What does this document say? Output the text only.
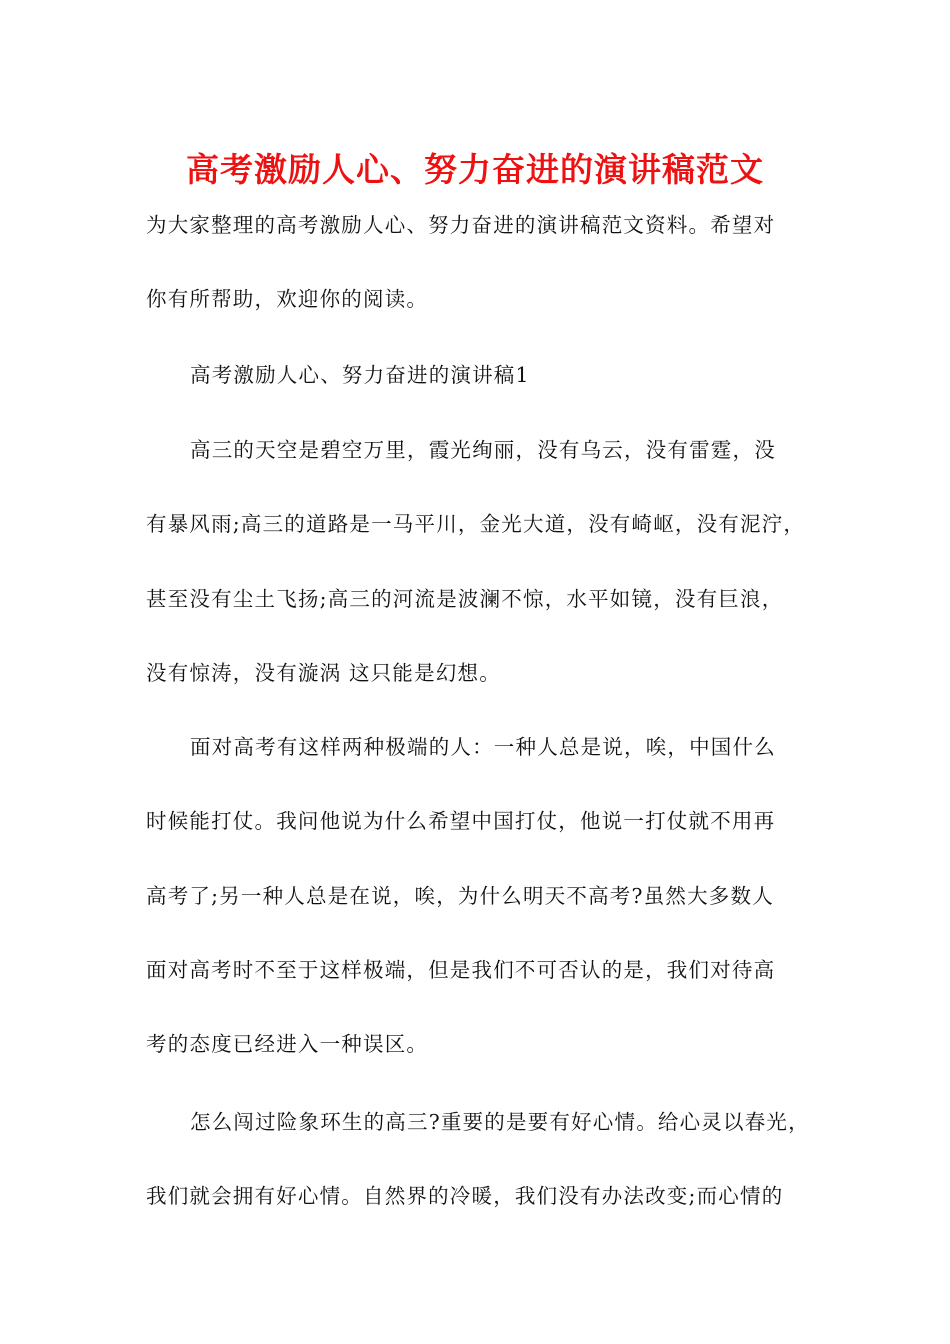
高考激励人心、努力奋进的演讲稿范文

为大家整理的高考激励人心、努力奋进的演讲稿范文资料。希望对

你有所帮助，欢迎你的阅读。

高考激励人心、努力奋进的演讲稿1

高三的天空是碧空万里，霞光绚丽，没有乌云，没有雷霆，没

有暴风雨;高三的道路是一马平川，金光大道，没有崎岖，没有泥泞，

甚至没有尘土飞扬;高三的河流是波澜不惊，水平如镜，没有巨浪，

没有惊涛，没有漩涡 这只能是幻想。

面对高考有这样两种极端的人：一种人总是说，唉，中国什么

时候能打仗。我问他说为什么希望中国打仗，他说一打仗就不用再

高考了;另一种人总是在说，唉，为什么明天不高考?虽然大多数人

面对高考时不至于这样极端，但是我们不可否认的是，我们对待高

考的态度已经进入一种误区。

怎么闯过险象环生的高三?重要的是要有好心情。给心灵以春光，

我们就会拥有好心情。自然界的冷暖，我们没有办法改变;而心情的
